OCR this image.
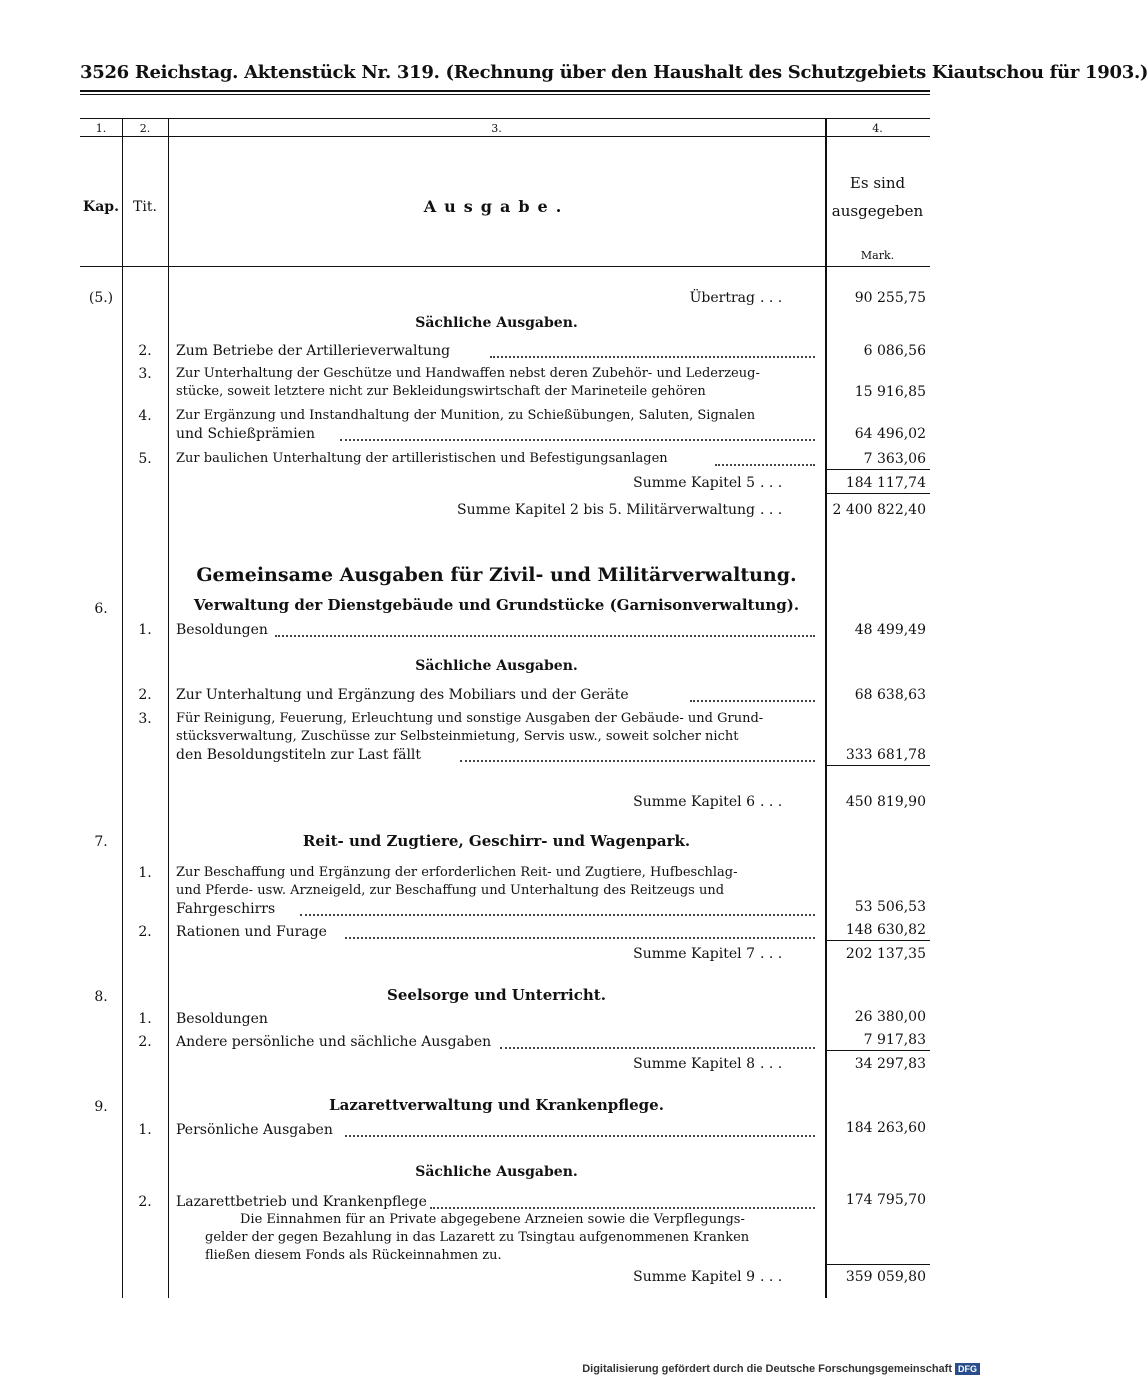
3526 Reichstag. Aktenstück Nr. 319. (Rechnung über den Haushalt des Schutzgebiets Kiautschou für 1903.)
1.	2.	3.	4.
Kap.	Tit.	Ausgabe.
Es sind
ausgegeben
Mark.
(5.)	Übertrag . . .	90 255,75
Sächliche Ausgaben.
2.	Zum Betriebe der Artillerieverwaltung	6 086,56
3.	Zur Unterhaltung der Geschütze und Handwaffen nebst deren Zubehör- und Lederzeug-
stücke, soweit letztere nicht zur Bekleidungswirtschaft der Marineteile gehören	15 916,85
4.	Zur Ergänzung und Instandhaltung der Munition, zu Schießübungen, Saluten, Signalen
und Schießprämien	64 496,02
5.	Zur baulichen Unterhaltung der artilleristischen und Befestigungsanlagen	7 363,06
Summe Kapitel 5 . . .	184 117,74
Summe Kapitel 2 bis 5. Militärverwaltung . . .	2 400 822,40
Gemeinsame Ausgaben für Zivil- und Militärverwaltung.
6.	Verwaltung der Dienstgebäude und Grundstücke (Garnisonverwaltung).
1.	Besoldungen	48 499,49
Sächliche Ausgaben.
2.	Zur Unterhaltung und Ergänzung des Mobiliars und der Geräte	68 638,63
3.	Für Reinigung, Feuerung, Erleuchtung und sonstige Ausgaben der Gebäude- und Grund-
stücksverwaltung, Zuschüsse zur Selbsteinmietung, Servis usw., soweit solcher nicht
den Besoldungstiteln zur Last fällt	333 681,78
Summe Kapitel 6 . . .	450 819,90
7.	Reit- und Zugtiere, Geschirr- und Wagenpark.
1.	Zur Beschaffung und Ergänzung der erforderlichen Reit- und Zugtiere, Hufbeschlag-
und Pferde- usw. Arzneigeld, zur Beschaffung und Unterhaltung des Reitzeugs und
Fahrgeschirrs	53 506,53
2.	Rationen und Furage	148 630,82
Summe Kapitel 7 . . .	202 137,35
8.	Seelsorge und Unterricht.
1.	Besoldungen	26 380,00
2.	Andere persönliche und sächliche Ausgaben	7 917,83
Summe Kapitel 8 . . .	34 297,83
9.	Lazarettverwaltung und Krankenpflege.
1.	Persönliche Ausgaben	184 263,60
Sächliche Ausgaben.
2.	Lazarettbetrieb und Krankenpflege	174 795,70
Die Einnahmen für an Private abgegebene Arzneien sowie die Verpflegungs-
gelder der gegen Bezahlung in das Lazarett zu Tsingtau aufgenommenen Kranken
fließen diesem Fonds als Rückeinnahmen zu.
Summe Kapitel 9 . . .	359 059,80
Digitalisierung gefördert durch die Deutsche Forschungsgemeinschaft DFG
